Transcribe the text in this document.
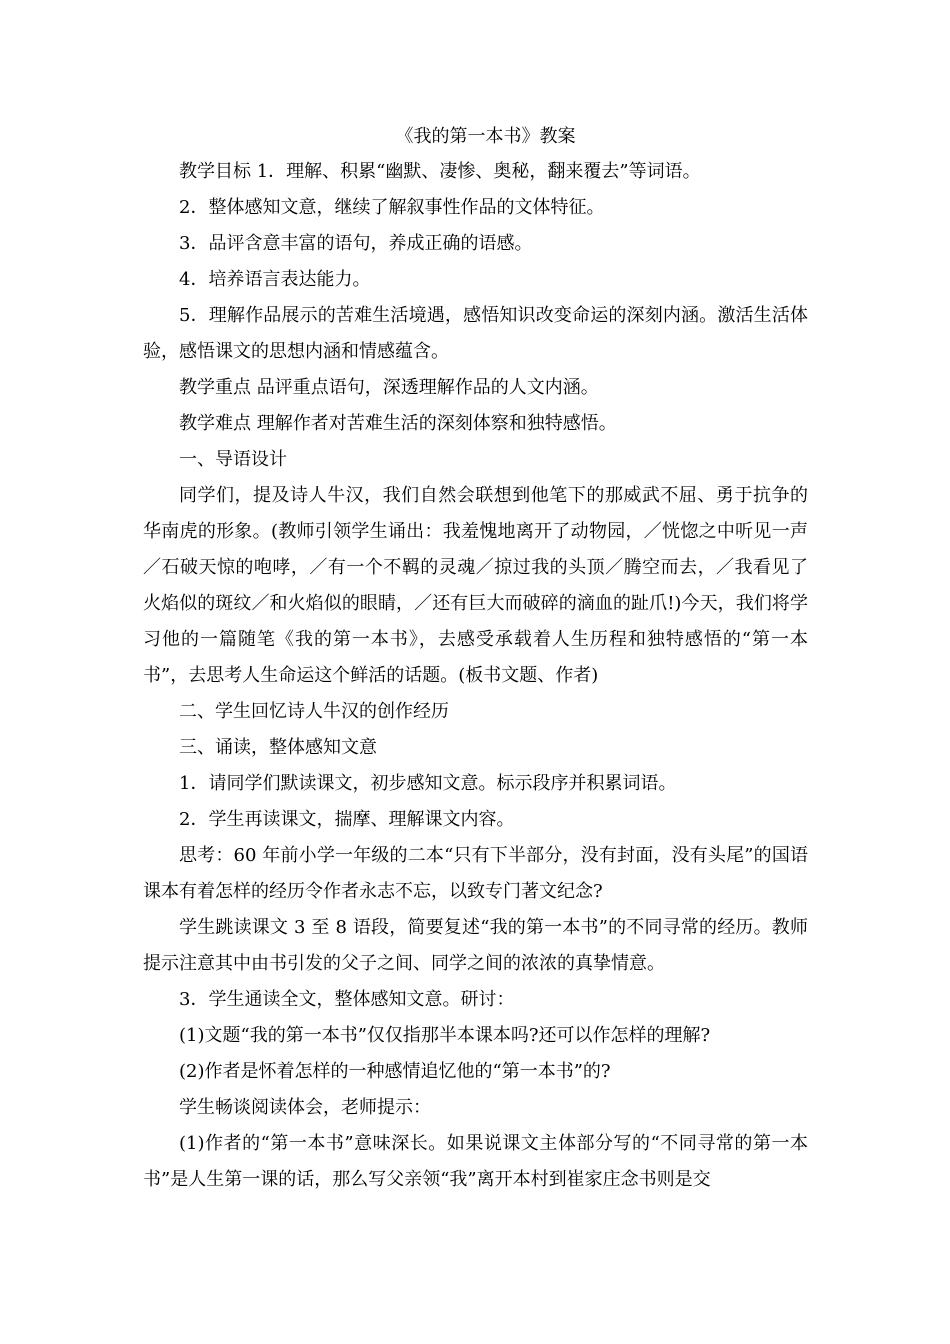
《我的第一本书》教案

教学目标 1．理解、积累“幽默、凄惨、奥秘，翻来覆去”等词语。

2．整体感知文意，继续了解叙事性作品的文体特征。

3．品评含意丰富的语句，养成正确的语感。

4．培养语言表达能力。

5．理解作品展示的苦难生活境遇，感悟知识改变命运的深刻内涵。激活生活体验，感悟课文的思想内涵和情感蕴含。

教学重点 品评重点语句，深透理解作品的人文内涵。

教学难点 理解作者对苦难生活的深刻体察和独特感悟。

一、导语设计

同学们，提及诗人牛汉，我们自然会联想到他笔下的那威武不屈、勇于抗争的华南虎的形象。(教师引领学生诵出：我羞愧地离开了动物园，／恍惚之中听见一声／石破天惊的咆哮，／有一个不羁的灵魂／掠过我的头顶／腾空而去，／我看见了火焰似的斑纹／和火焰似的眼睛，／还有巨大而破碎的滴血的趾爪!)今天，我们将学习他的一篇随笔《我的第一本书》，去感受承载着人生历程和独特感悟的“第一本书”，去思考人生命运这个鲜活的话题。(板书文题、作者)

二、学生回忆诗人牛汉的创作经历

三、诵读，整体感知文意

1．请同学们默读课文，初步感知文意。标示段序并积累词语。

2．学生再读课文，揣摩、理解课文内容。

思考：60 年前小学一年级的二本“只有下半部分，没有封面，没有头尾”的国语课本有着怎样的经历令作者永志不忘，以致专门著文纪念?

学生跳读课文 3 至 8 语段，简要复述“我的第一本书”的不同寻常的经历。教师提示注意其中由书引发的父子之间、同学之间的浓浓的真挚情意。

3．学生通读全文，整体感知文意。研讨：

(1)文题“我的第一本书”仅仅指那半本课本吗?还可以作怎样的理解?

(2)作者是怀着怎样的一种感情追忆他的“第一本书”的?

学生畅谈阅读体会，老师提示：

(1)作者的“第一本书”意味深长。如果说课文主体部分写的“不同寻常的第一本书”是人生第一课的话，那么写父亲领“我”离开本村到崔家庄念书则是交
